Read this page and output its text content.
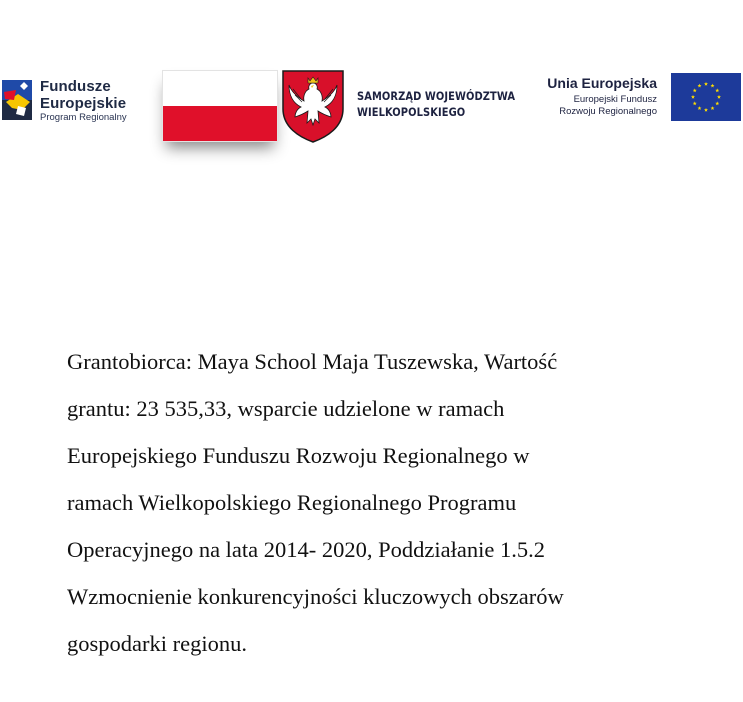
Fundusze
Europejskie
Program Regionalny
SAMORZĄD WOJEWÓDZTWA
WIELKOPOLSKIEGO
Unia Europejska
Europejski Fundusz
Rozwoju Regionalnego
Grantobiorca: Maya School Maja Tuszewska, Wartość
grantu: 23 535,33, wsparcie udzielone w ramach
Europejskiego Funduszu Rozwoju Regionalnego w
ramach Wielkopolskiego Regionalnego Programu
Operacyjnego na lata 2014- 2020, Poddziałanie 1.5.2
Wzmocnienie konkurencyjności kluczowych obszarów
gospodarki regionu.
